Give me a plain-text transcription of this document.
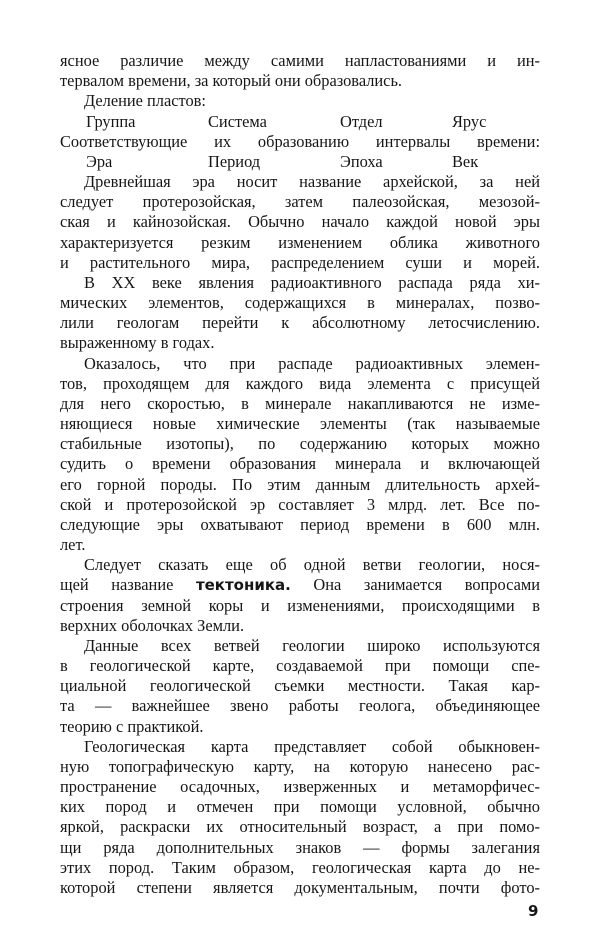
ясное различие между самими напластованиями и ин-
тервалом времени, за который они образовались.
Деление пластов:
Группа	Система	Отдел	Ярус
Соответствующие их образованию интервалы времени:
Эра	Период	Эпоха	Век
Древнейшая эра носит название архейской, за ней
следует протерозойская, затем палеозойская, мезозой-
ская и кайнозойская. Обычно начало каждой новой эры
характеризуется резким изменением облика животного
и растительного мира, распределением суши и морей.
В XX веке явления радиоактивного распада ряда хи-
мических элементов, содержащихся в минералах, позво-
лили геологам перейти к абсолютному летосчислению.
выраженному в годах.
Оказалось, что при распаде радиоактивных элемен-
тов, проходящем для каждого вида элемента с присущей
для него скоростью, в минерале накапливаются не изме-
няющиеся новые химические элементы (так называемые
стабильные изотопы), по содержанию которых можно
судить о времени образования минерала и включающей
его горной породы. По этим данным длительность архей-
ской и протерозойской эр составляет 3 млрд. лет. Все по-
следующие эры охватывают период времени в 600 млн.
лет.
Следует сказать еще об одной ветви геологии, нося-
щей название тектоника. Она занимается вопросами
строения земной коры и изменениями, происходящими в
верхних оболочках Земли.
Данные всех ветвей геологии широко используются
в геологической карте, создаваемой при помощи спе-
циальной геологической съемки местности. Такая кар-
та — важнейшее звено работы геолога, объединяющее
теорию с практикой.
Геологическая карта представляет собой обыкновен-
ную топографическую карту, на которую нанесено рас-
пространение осадочных, изверженных и метаморфичес-
ких пород и отмечен при помощи условной, обычно
яркой, раскраски их относительный возраст, а при помо-
щи ряда дополнительных знаков — формы залегания
этих пород. Таким образом, геологическая карта до не-
которой степени является документальным, почти фото-
9
